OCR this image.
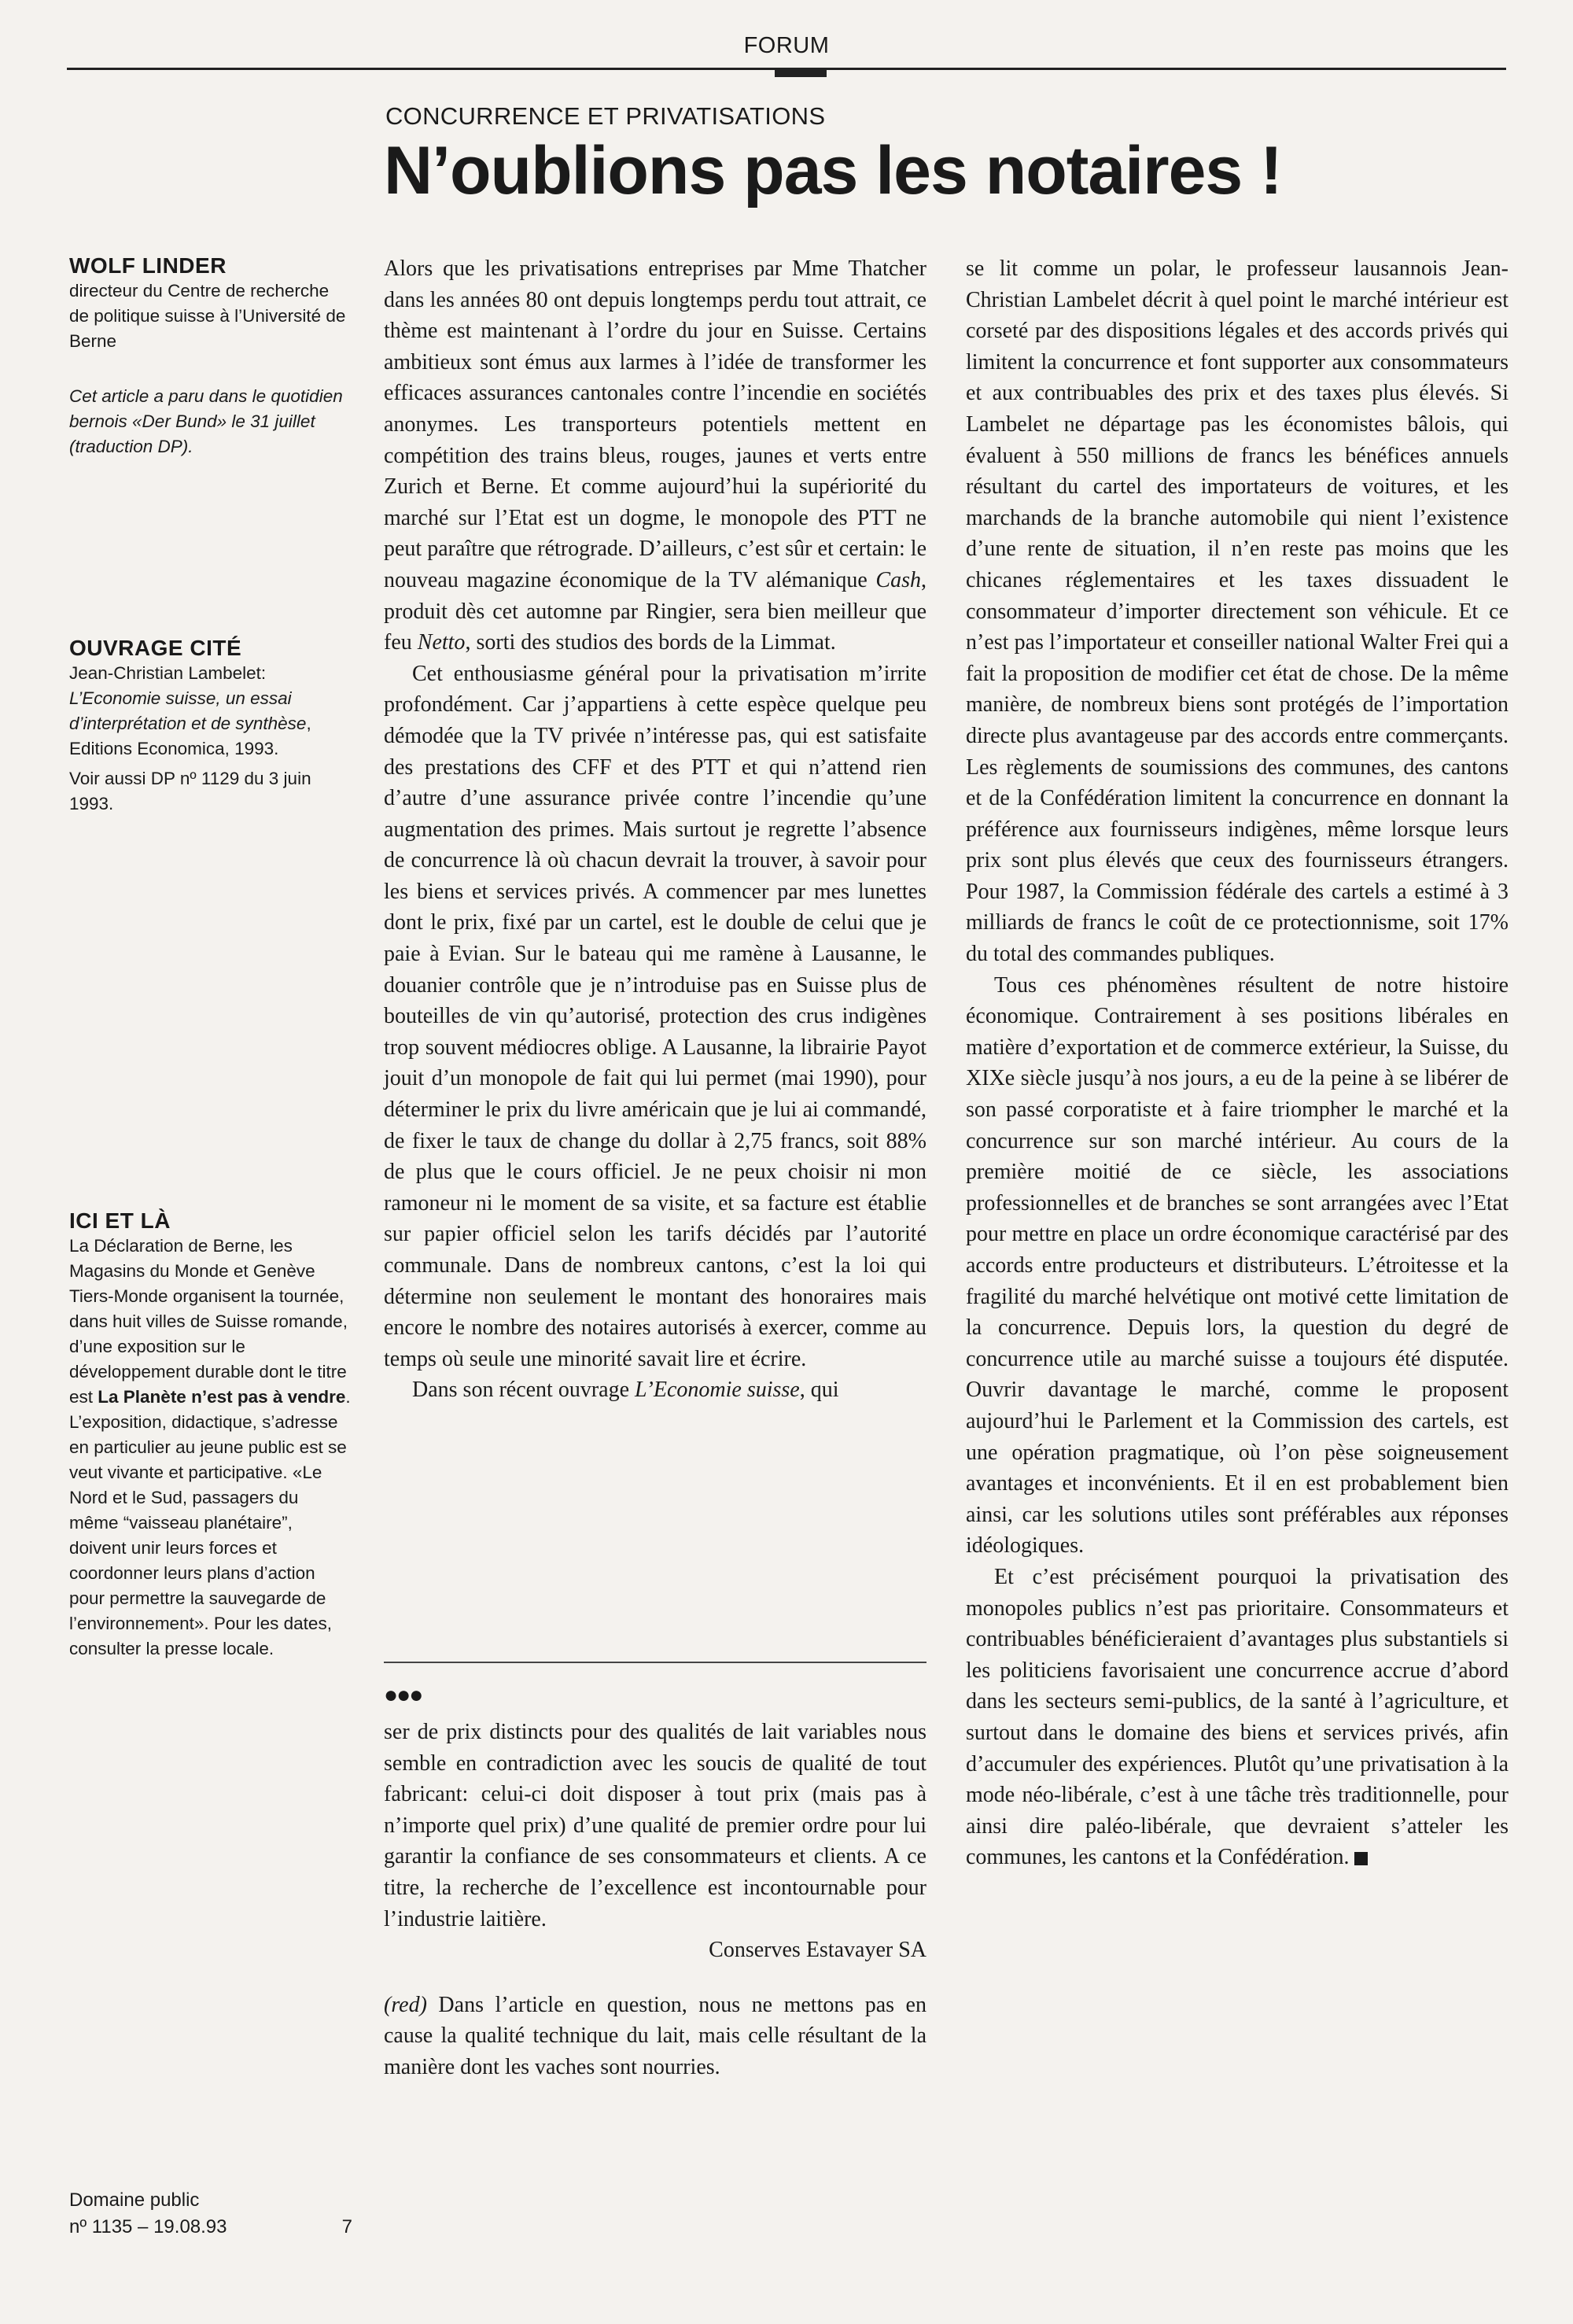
FORUM
CONCURRENCE ET PRIVATISATIONS
N’oublions pas les notaires !

WOLF LINDER

directeur du Centre de recherche de politique suisse à l’Université de Berne

Cet article a paru dans le quotidien bernois «Der Bund» le 31 juillet (traduction DP).

OUVRAGE CITÉ

Jean-Christian Lambelet:
L’Economie suisse, un essai d’interprétation et de synthèse, Editions Economica, 1993.

Voir aussi DP nº 1129 du 3 juin 1993.

ICI ET LÀ

La Déclaration de Berne, les Magasins du Monde et Genève Tiers-Monde organisent la tournée, dans huit villes de Suisse romande, d’une exposition sur le développement durable dont le titre est La Planète n’est pas à vendre. L’exposition, didactique, s’adresse en particulier au jeune public est se veut vivante et participative. «Le Nord et le Sud, passagers du même “vaisseau planétaire”, doivent unir leurs forces et coordonner leurs plans d’action pour permettre la sauvegarde de l’environnement». Pour les dates, consulter la presse locale.

Domaine public
nº 1135 – 19.08.93	7

Alors que les privatisations entreprises par Mme Thatcher dans les années 80 ont depuis longtemps perdu tout attrait, ce thème est maintenant à l’ordre du jour en Suisse. Certains ambitieux sont émus aux larmes à l’idée de transformer les efficaces assurances cantonales contre l’incendie en sociétés anonymes. Les transporteurs potentiels mettent en compétition des trains bleus, rouges, jaunes et verts entre Zurich et Berne. Et comme aujourd’hui la supériorité du marché sur l’Etat est un dogme, le monopole des PTT ne peut paraître que rétrograde. D’ailleurs, c’est sûr et certain: le nouveau magazine économique de la TV alémanique Cash, produit dès cet automne par Ringier, sera bien meilleur que feu Netto, sorti des studios des bords de la Limmat.

Cet enthousiasme général pour la privatisation m’irrite profondément. Car j’appartiens à cette espèce quelque peu démodée que la TV privée n’intéresse pas, qui est satisfaite des prestations des CFF et des PTT et qui n’attend rien d’autre d’une assurance privée contre l’incendie qu’une augmentation des primes. Mais surtout je regrette l’absence de concurrence là où chacun devrait la trouver, à savoir pour les biens et services privés. A commencer par mes lunettes dont le prix, fixé par un cartel, est le double de celui que je paie à Evian. Sur le bateau qui me ramène à Lausanne, le douanier contrôle que je n’introduise pas en Suisse plus de bouteilles de vin qu’autorisé, protection des crus indigènes trop souvent médiocres oblige. A Lausanne, la librairie Payot jouit d’un monopole de fait qui lui permet (mai 1990), pour déterminer le prix du livre américain que je lui ai commandé, de fixer le taux de change du dollar à 2,75 francs, soit 88% de plus que le cours officiel. Je ne peux choisir ni mon ramoneur ni le moment de sa visite, et sa facture est établie sur papier officiel selon les tarifs décidés par l’autorité communale. Dans de nombreux cantons, c’est la loi qui détermine non seulement le montant des honoraires mais encore le nombre des notaires autorisés à exercer, comme au temps où seule une minorité savait lire et écrire.

Dans son récent ouvrage L’Economie suisse, qui

●●●

ser de prix distincts pour des qualités de lait variables nous semble en contradiction avec les soucis de qualité de tout fabricant: celui-ci doit disposer à tout prix (mais pas à n’importe quel prix) d’une qualité de premier ordre pour lui garantir la confiance de ses consommateurs et clients. A ce titre, la recherche de l’excellence est incontournable pour l’industrie laitière.

Conserves Estavayer SA

(red) Dans l’article en question, nous ne mettons pas en cause la qualité technique du lait, mais celle résultant de la manière dont les vaches sont nourries.

se lit comme un polar, le professeur lausannois Jean-Christian Lambelet décrit à quel point le marché intérieur est corseté par des dispositions légales et des accords privés qui limitent la concurrence et font supporter aux consommateurs et aux contribuables des prix et des taxes plus élevés. Si Lambelet ne départage pas les économistes bâlois, qui évaluent à 550 millions de francs les bénéfices annuels résultant du cartel des importateurs de voitures, et les marchands de la branche automobile qui nient l’existence d’une rente de situation, il n’en reste pas moins que les chicanes réglementaires et les taxes dissuadent le consommateur d’importer directement son véhicule. Et ce n’est pas l’importateur et conseiller national Walter Frei qui a fait la proposition de modifier cet état de chose. De la même manière, de nombreux biens sont protégés de l’importation directe plus avantageuse par des accords entre commerçants. Les règlements de soumissions des communes, des cantons et de la Confédération limitent la concurrence en donnant la préférence aux fournisseurs indigènes, même lorsque leurs prix sont plus élevés que ceux des fournisseurs étrangers. Pour 1987, la Commission fédérale des cartels a estimé à 3 milliards de francs le coût de ce protectionnisme, soit 17% du total des commandes publiques.

Tous ces phénomènes résultent de notre histoire économique. Contrairement à ses positions libérales en matière d’exportation et de commerce extérieur, la Suisse, du XIXe siècle jusqu’à nos jours, a eu de la peine à se libérer de son passé corporatiste et à faire triompher le marché et la concurrence sur son marché intérieur. Au cours de la première moitié de ce siècle, les associations professionnelles et de branches se sont arrangées avec l’Etat pour mettre en place un ordre économique caractérisé par des accords entre producteurs et distributeurs. L’étroitesse et la fragilité du marché helvétique ont motivé cette limitation de la concurrence. Depuis lors, la question du degré de concurrence utile au marché suisse a toujours été disputée. Ouvrir davantage le marché, comme le proposent aujourd’hui le Parlement et la Commission des cartels, est une opération pragmatique, où l’on pèse soigneusement avantages et inconvénients. Et il en est probablement bien ainsi, car les solutions utiles sont préférables aux réponses idéologiques.

Et c’est précisément pourquoi la privatisation des monopoles publics n’est pas prioritaire. Consommateurs et contribuables bénéficieraient d’avantages plus substantiels si les politiciens favorisaient une concurrence accrue d’abord dans les secteurs semi-publics, de la santé à l’agriculture, et surtout dans le domaine des biens et services privés, afin d’accumuler des expériences. Plutôt qu’une privatisation à la mode néo-libérale, c’est à une tâche très traditionnelle, pour ainsi dire paléo-libérale, que devraient s’atteler les communes, les cantons et la Confédération.
